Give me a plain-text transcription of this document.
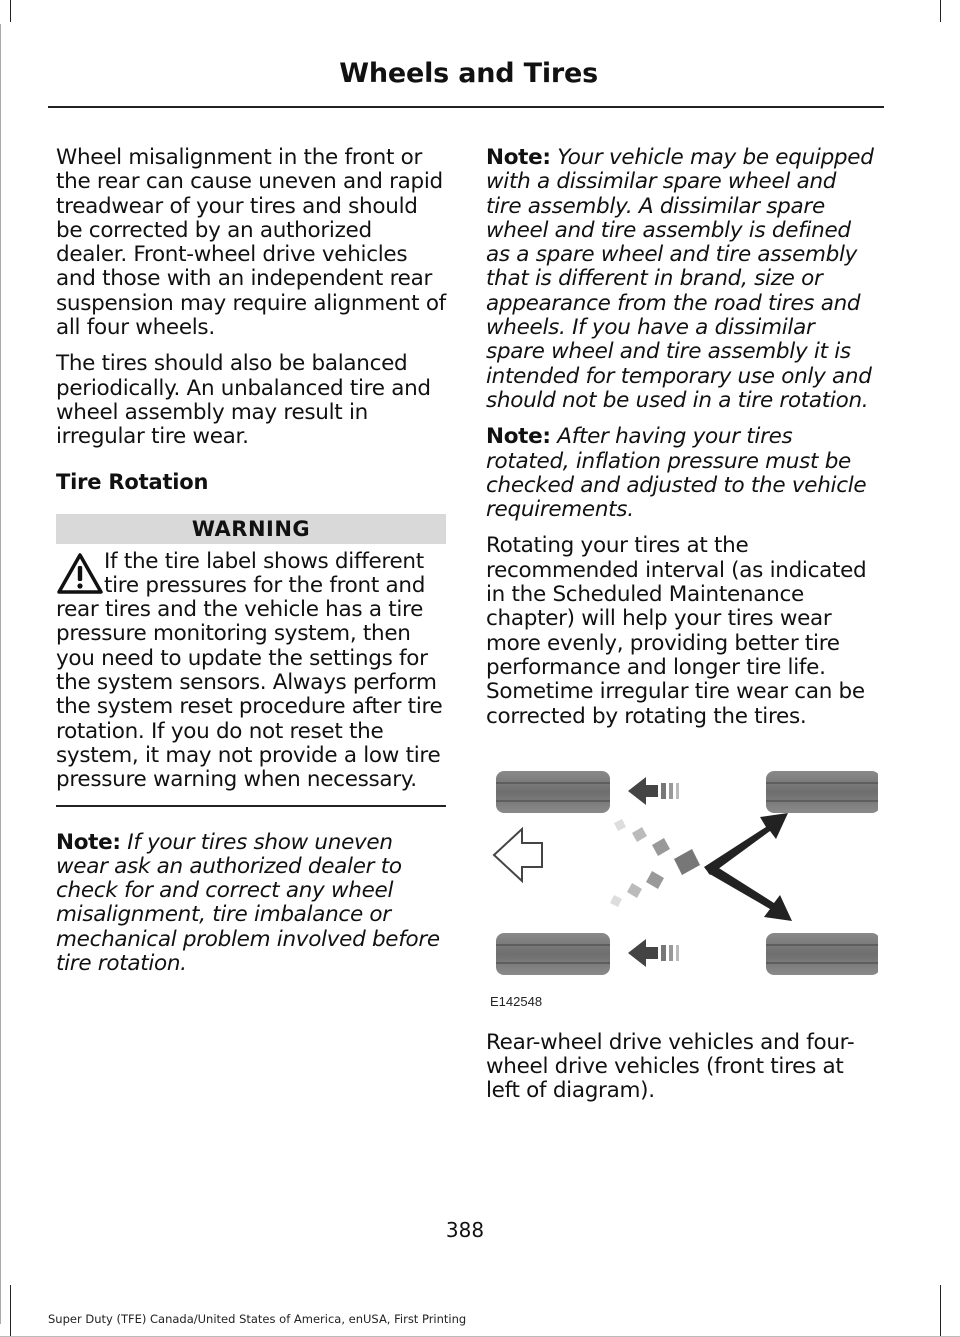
Wheels and Tires

Wheel misalignment in the front or the rear can cause uneven and rapid treadwear of your tires and should be corrected by an authorized dealer. Front-wheel drive vehicles and those with an independent rear suspension may require alignment of all four wheels.

The tires should also be balanced periodically. An unbalanced tire and wheel assembly may result in irregular tire wear.

Tire Rotation
WARNING
If the tire label shows different tire pressures for the front and rear tires and the vehicle has a tire pressure monitoring system, then you need to update the settings for the system sensors. Always perform the system reset procedure after tire rotation. If you do not reset the system, it may not provide a low tire pressure warning when necessary.

Note: If your tires show uneven wear ask an authorized dealer to check for and correct any wheel misalignment, tire imbalance or mechanical problem involved before tire rotation.

Note: Your vehicle may be equipped with a dissimilar spare wheel and tire assembly. A dissimilar spare wheel and tire assembly is defined as a spare wheel and tire assembly that is different in brand, size or appearance from the road tires and wheels. If you have a dissimilar spare wheel and tire assembly it is intended for temporary use only and should not be used in a tire rotation.

Note: After having your tires rotated, inflation pressure must be checked and adjusted to the vehicle requirements.

Rotating your tires at the recommended interval (as indicated in the Scheduled Maintenance chapter) will help your tires wear more evenly, providing better tire performance and longer tire life. Sometime irregular tire wear can be corrected by rotating the tires.

E142548

Rear-wheel drive vehicles and four-wheel drive vehicles (front tires at left of diagram).

388
Super Duty (TFE) Canada/United States of America, enUSA, First Printing
